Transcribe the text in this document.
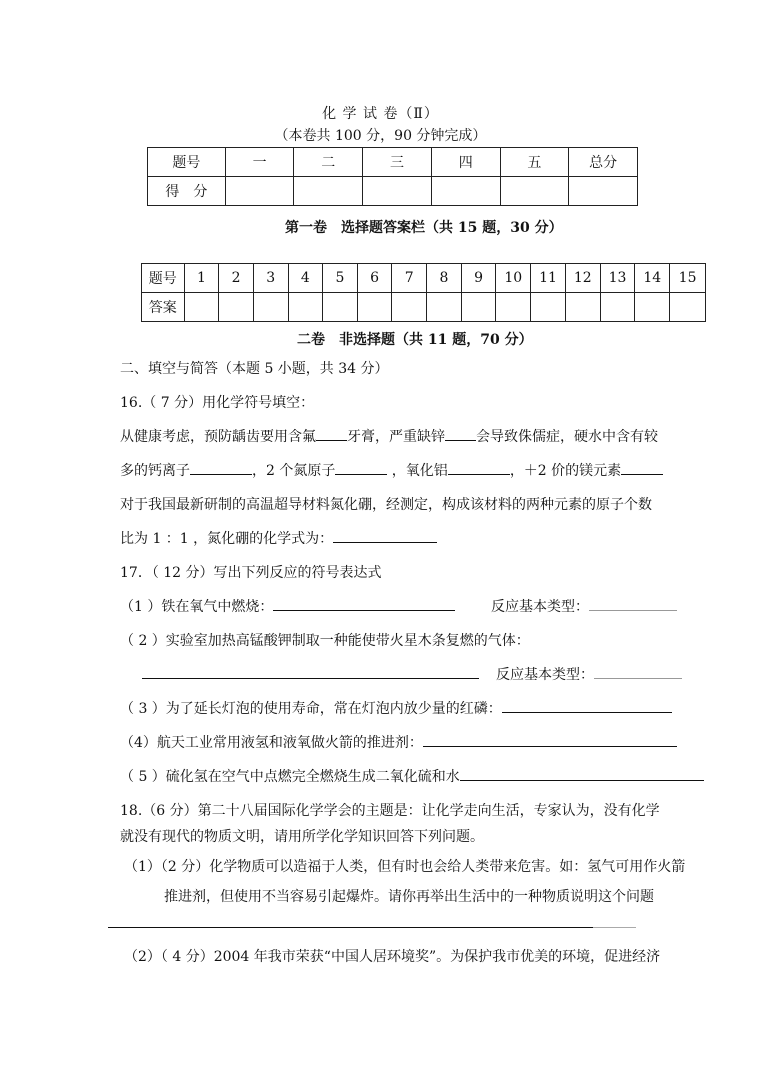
化 学 试 卷（Ⅱ）
（本卷共 100 分，90 分钟完成）
题号	一	二	三	四	五	总分
得　分						
第一卷　选择题答案栏（共 15 题，30 分）
题号	1	2	3	4	5	6	7	8	9	10	11	12	13	14	15
答案															
二卷　非选择题（共 11 题，70 分）
二、填空与简答（本题 5 小题，共 34 分）
16.（ 7 分）用化学符号填空：
从健康考虑，预防龋齿要用含氟 牙膏，严重缺锌 会导致侏儒症，硬水中含有较
多的钙离子	，2 个氮原子	，氧化铝	，＋2 价的镁元素
对于我国最新研制的高温超导材料氮化硼，经测定，构成该材料的两种元素的原子个数
比为 1 ：1 ，氮化硼的化学式为：
17．（ 12 分）写出下列反应的符号表达式
（1 ）铁在氧气中燃烧：	反应基本类型：
（ 2 ）实验室加热高锰酸钾制取一种能使带火星木条复燃的气体：
反应基本类型：
（ 3 ）为了延长灯泡的使用寿命，常在灯泡内放少量的红磷：
（4）航天工业常用液氢和液氧做火箭的推进剂：
（ 5 ）硫化氢在空气中点燃完全燃烧生成二氧化硫和水
18.（6 分）第二十八届国际化学学会的主题是：让化学走向生活，专家认为，没有化学
就没有现代的物质文明，请用所学化学知识回答下列问题。
（1）（2 分）化学物质可以造福于人类，但有时也会给人类带来危害。如：氢气可用作火箭
推进剂，但使用不当容易引起爆炸。请你再举出生活中的一种物质说明这个问题
（2）（ 4 分）2004 年我市荣获“中国人居环境奖”。为保护我市优美的环境，促进经济
